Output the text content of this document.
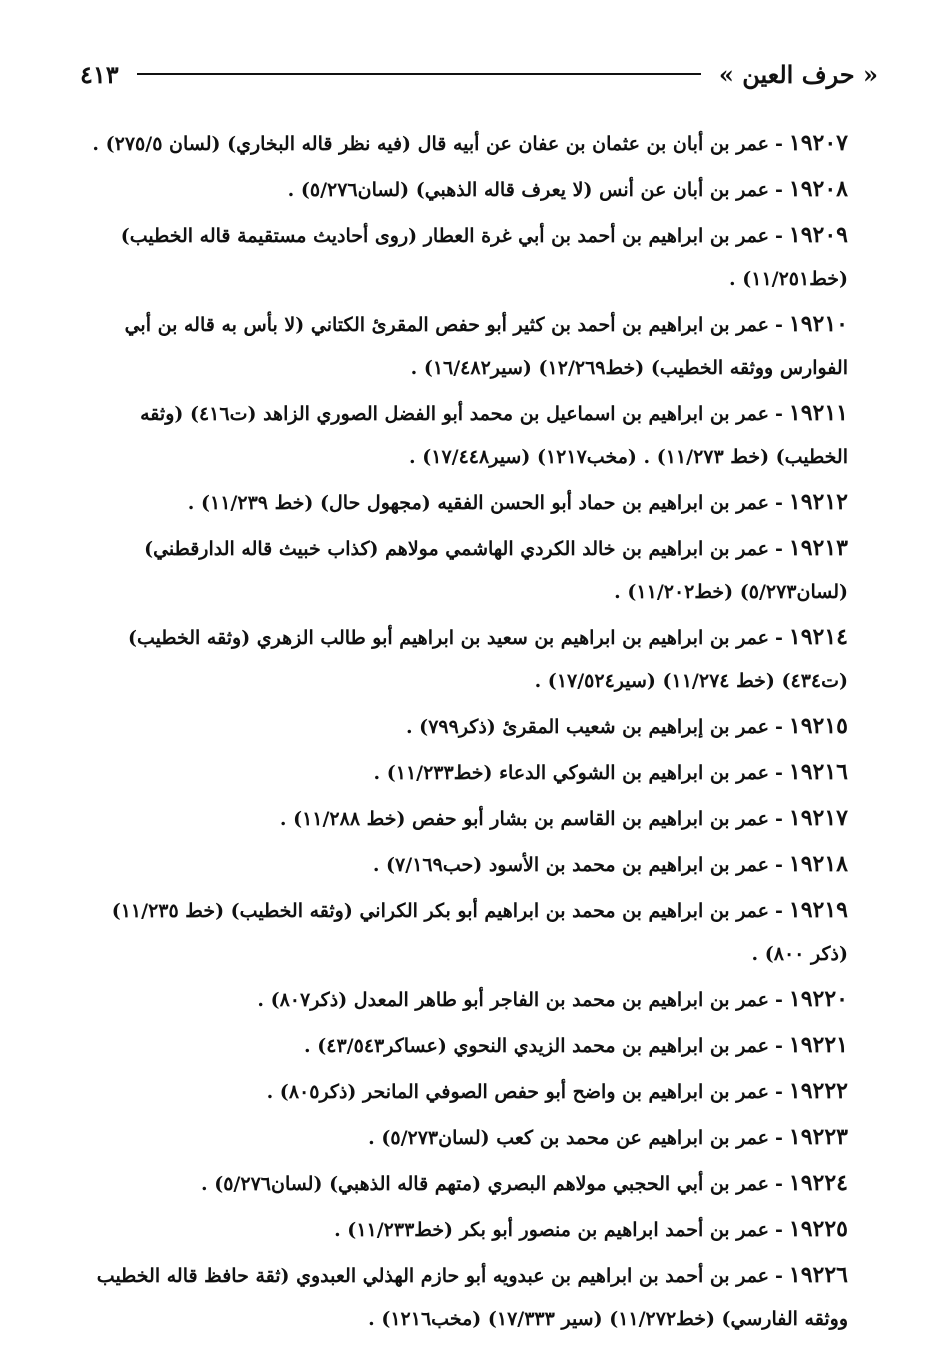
« حرف العين »
٤١٣

١٩٢٠٧-عمر بن أبان بن عثمان بن عفان عن أبيه قال (فيه نظر قاله البخاري) (لسان ٢٧٥/٥) .

١٩٢٠٨-عمر بن أبان عن أنس (لا يعرف قاله الذهبي) (لسان٥/٢٧٦) .

١٩٢٠٩-عمر بن ابراهيم بن أحمد بن أبي غرة العطار (روى أحاديث مستقيمة قاله الخطيب) (خط١١/٢٥١) .

١٩٢١٠-عمر بن ابراهيم بن أحمد بن كثير أبو حفص المقرئ الكتاني (لا بأس به قاله بن أبي الفوارس ووثقه الخطيب) (خط١٢/٢٦٩) (سير١٦/٤٨٢) .

١٩٢١١-عمر بن ابراهيم بن اسماعيل بن محمد أبو الفضل الصوري الزاهد (ت٤١٦) (وثقه الخطيب) (خط ١١/٢٧٣) . (مخب١٢١٧) (سير١٧/٤٤٨) .

١٩٢١٢-عمر بن ابراهيم بن حماد أبو الحسن الفقيه (مجهول حال) (خط ١١/٢٣٩) .

١٩٢١٣-عمر بن ابراهيم بن خالد الكردي الهاشمي مولاهم (كذاب خبيث قاله الدارقطني) (لسان٥/٢٧٣) (خط١١/٢٠٢) .

١٩٢١٤-عمر بن ابراهيم بن ابراهيم بن سعيد بن ابراهيم أبو طالب الزهري (وثقه الخطيب) (ت٤٣٤) (خط ١١/٢٧٤) (سير١٧/٥٢٤) .

١٩٢١٥-عمر بن إبراهيم بن شعيب المقرئ (ذكر٧٩٩) .

١٩٢١٦-عمر بن ابراهيم بن الشوكي الدعاء (خط١١/٢٣٣) .

١٩٢١٧-عمر بن ابراهيم بن القاسم بن بشار أبو حفص (خط ١١/٢٨٨) .

١٩٢١٨-عمر بن ابراهيم بن محمد بن الأسود (حب٧/١٦٩) .

١٩٢١٩-عمر بن ابراهيم بن محمد بن ابراهيم أبو بكر الكراني (وثقه الخطيب) (خط ١١/٢٣٥) (ذكر ٨٠٠) .

١٩٢٢٠-عمر بن ابراهيم بن محمد بن الفاجر أبو طاهر المعدل (ذكر٨٠٧) .

١٩٢٢١-عمر بن ابراهيم بن محمد الزيدي النحوي (عساكر٤٣/٥٤٣) .

١٩٢٢٢-عمر بن ابراهيم بن واضح أبو حفص الصوفي المانحر (ذكر٨٠٥) .

١٩٢٢٣-عمر بن ابراهيم عن محمد بن كعب (لسان٥/٢٧٣) .

١٩٢٢٤-عمر بن أبي الحجبي مولاهم البصري (متهم قاله الذهبي) (لسان٥/٢٧٦) .

١٩٢٢٥-عمر بن أحمد ابراهيم بن منصور أبو بكر (خط١١/٢٣٣) .

١٩٢٢٦-عمر بن أحمد بن ابراهيم بن عبدويه أبو حازم الهذلي العبدوي (ثقة حافظ قاله الخطيب ووثقه الفارسي) (خط١١/٢٧٢) (سير ١٧/٣٣٣) (مخب١٢١٦) .
